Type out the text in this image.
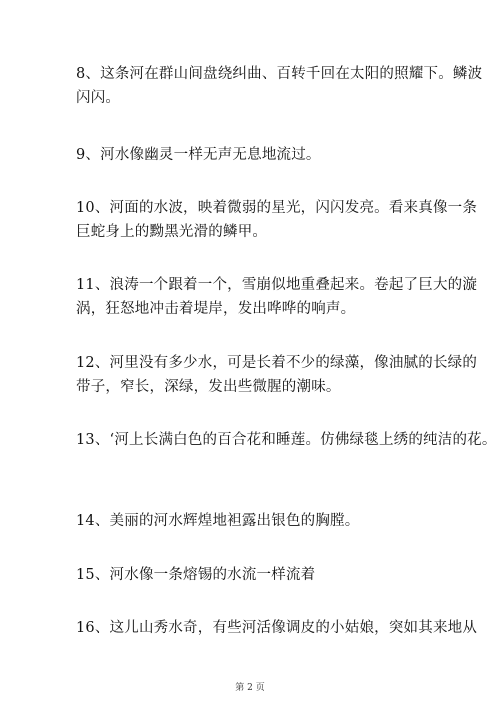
8、这条河在群山间盘绕纠曲、百转千回在太阳的照耀下。鳞波
闪闪。
9、河水像幽灵一样无声无息地流过。
10、河面的水波，映着微弱的星光，闪闪发亮。看来真像一条
巨蛇身上的黝黑光滑的鳞甲。
11、浪涛一个跟着一个，雪崩似地重叠起来。卷起了巨大的漩
涡，狂怒地冲击着堤岸，发出哗哗的响声。
12、河里没有多少水，可是长着不少的绿藻，像油腻的长绿的
带子，窄长，深绿，发出些微腥的潮味。
13、‘河上长满白色的百合花和睡莲。仿佛绿毯上绣的纯洁的花。
14、美丽的河水辉煌地袒露出银色的胸膛。
15、河水像一条熔锡的水流一样流着
16、这儿山秀水奇，有些河活像调皮的小姑娘，突如其来地从
第 2 页
